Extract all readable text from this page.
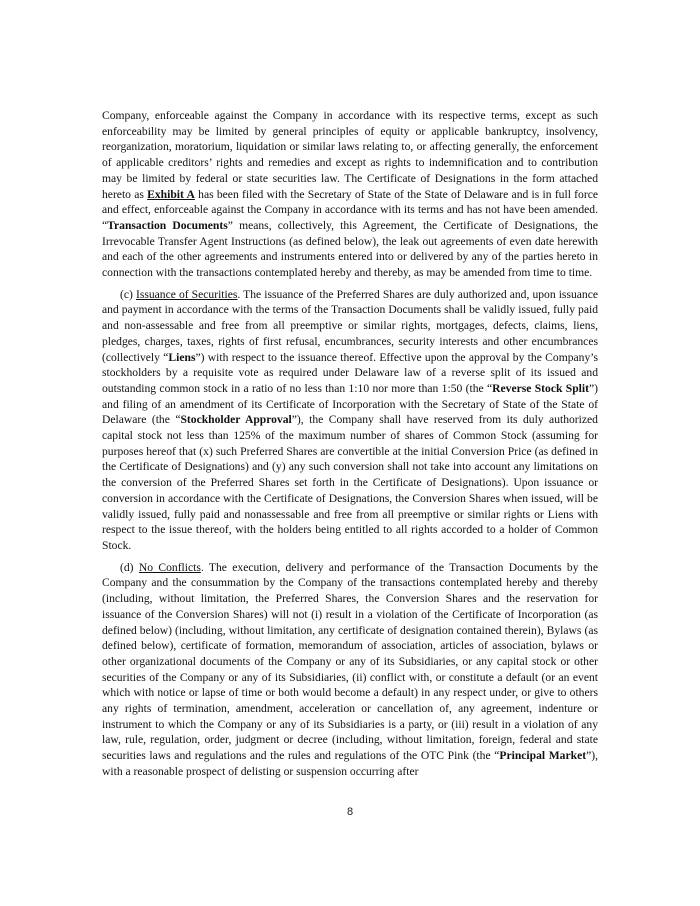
Company, enforceable against the Company in accordance with its respective terms, except as such enforceability may be limited by general principles of equity or applicable bankruptcy, insolvency, reorganization, moratorium, liquidation or similar laws relating to, or affecting generally, the enforcement of applicable creditors’ rights and remedies and except as rights to indemnification and to contribution may be limited by federal or state securities law. The Certificate of Designations in the form attached hereto as Exhibit A has been filed with the Secretary of State of the State of Delaware and is in full force and effect, enforceable against the Company in accordance with its terms and has not have been amended. “Transaction Documents” means, collectively, this Agreement, the Certificate of Designations, the Irrevocable Transfer Agent Instructions (as defined below), the leak out agreements of even date herewith and each of the other agreements and instruments entered into or delivered by any of the parties hereto in connection with the transactions contemplated hereby and thereby, as may be amended from time to time.

(c) Issuance of Securities. The issuance of the Preferred Shares are duly authorized and, upon issuance and payment in accordance with the terms of the Transaction Documents shall be validly issued, fully paid and non-assessable and free from all preemptive or similar rights, mortgages, defects, claims, liens, pledges, charges, taxes, rights of first refusal, encumbrances, security interests and other encumbrances (collectively “Liens”) with respect to the issuance thereof. Effective upon the approval by the Company’s stockholders by a requisite vote as required under Delaware law of a reverse split of its issued and outstanding common stock in a ratio of no less than 1:10 nor more than 1:50 (the “Reverse Stock Split”) and filing of an amendment of its Certificate of Incorporation with the Secretary of State of the State of Delaware (the “Stockholder Approval”), the Company shall have reserved from its duly authorized capital stock not less than 125% of the maximum number of shares of Common Stock (assuming for purposes hereof that (x) such Preferred Shares are convertible at the initial Conversion Price (as defined in the Certificate of Designations) and (y) any such conversion shall not take into account any limitations on the conversion of the Preferred Shares set forth in the Certificate of Designations). Upon issuance or conversion in accordance with the Certificate of Designations, the Conversion Shares when issued, will be validly issued, fully paid and nonassessable and free from all preemptive or similar rights or Liens with respect to the issue thereof, with the holders being entitled to all rights accorded to a holder of Common Stock.

(d) No Conflicts. The execution, delivery and performance of the Transaction Documents by the Company and the consummation by the Company of the transactions contemplated hereby and thereby (including, without limitation, the Preferred Shares, the Conversion Shares and the reservation for issuance of the Conversion Shares) will not (i) result in a violation of the Certificate of Incorporation (as defined below) (including, without limitation, any certificate of designation contained therein), Bylaws (as defined below), certificate of formation, memorandum of association, articles of association, bylaws or other organizational documents of the Company or any of its Subsidiaries, or any capital stock or other securities of the Company or any of its Subsidiaries, (ii) conflict with, or constitute a default (or an event which with notice or lapse of time or both would become a default) in any respect under, or give to others any rights of termination, amendment, acceleration or cancellation of, any agreement, indenture or instrument to which the Company or any of its Subsidiaries is a party, or (iii) result in a violation of any law, rule, regulation, order, judgment or decree (including, without limitation, foreign, federal and state securities laws and regulations and the rules and regulations of the OTC Pink (the “Principal Market”), with a reasonable prospect of delisting or suspension occurring after

8
